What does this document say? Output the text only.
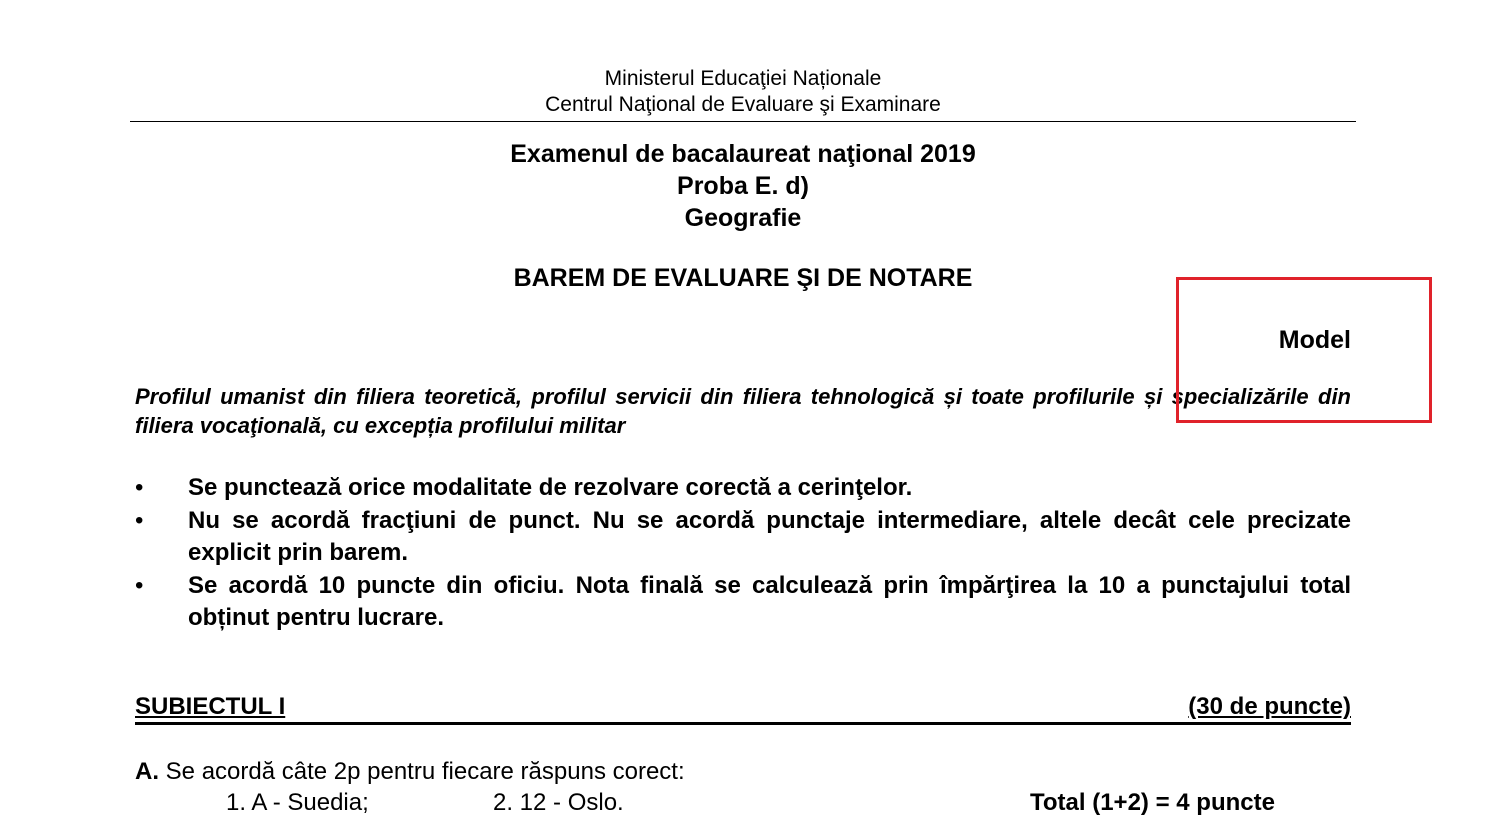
Ministerul Educaţiei Naționale
Centrul Naţional de Evaluare şi Examinare
Examenul de bacalaureat naţional 2019
Proba E. d)
Geografie
BAREM DE EVALUARE ŞI DE NOTARE
Model
Profilul umanist din filiera teoretică, profilul servicii din filiera tehnologică și toate profilurile și specializările din filiera vocaţională, cu excepția profilului militar
• Se punctează orice modalitate de rezolvare corectă a cerinţelor.
• Nu se acordă fracţiuni de punct. Nu se acordă punctaje intermediare, altele decât cele precizate explicit prin barem.
• Se acordă 10 puncte din oficiu. Nota finală se calculează prin împărţirea la 10 a punctajului total obținut pentru lucrare.
SUBIECTUL I	(30 de puncte)
A. Se acordă câte 2p pentru fiecare răspuns corect:
1. A - Suedia;	2. 12 - Oslo.	Total (1+2) = 4 puncte
